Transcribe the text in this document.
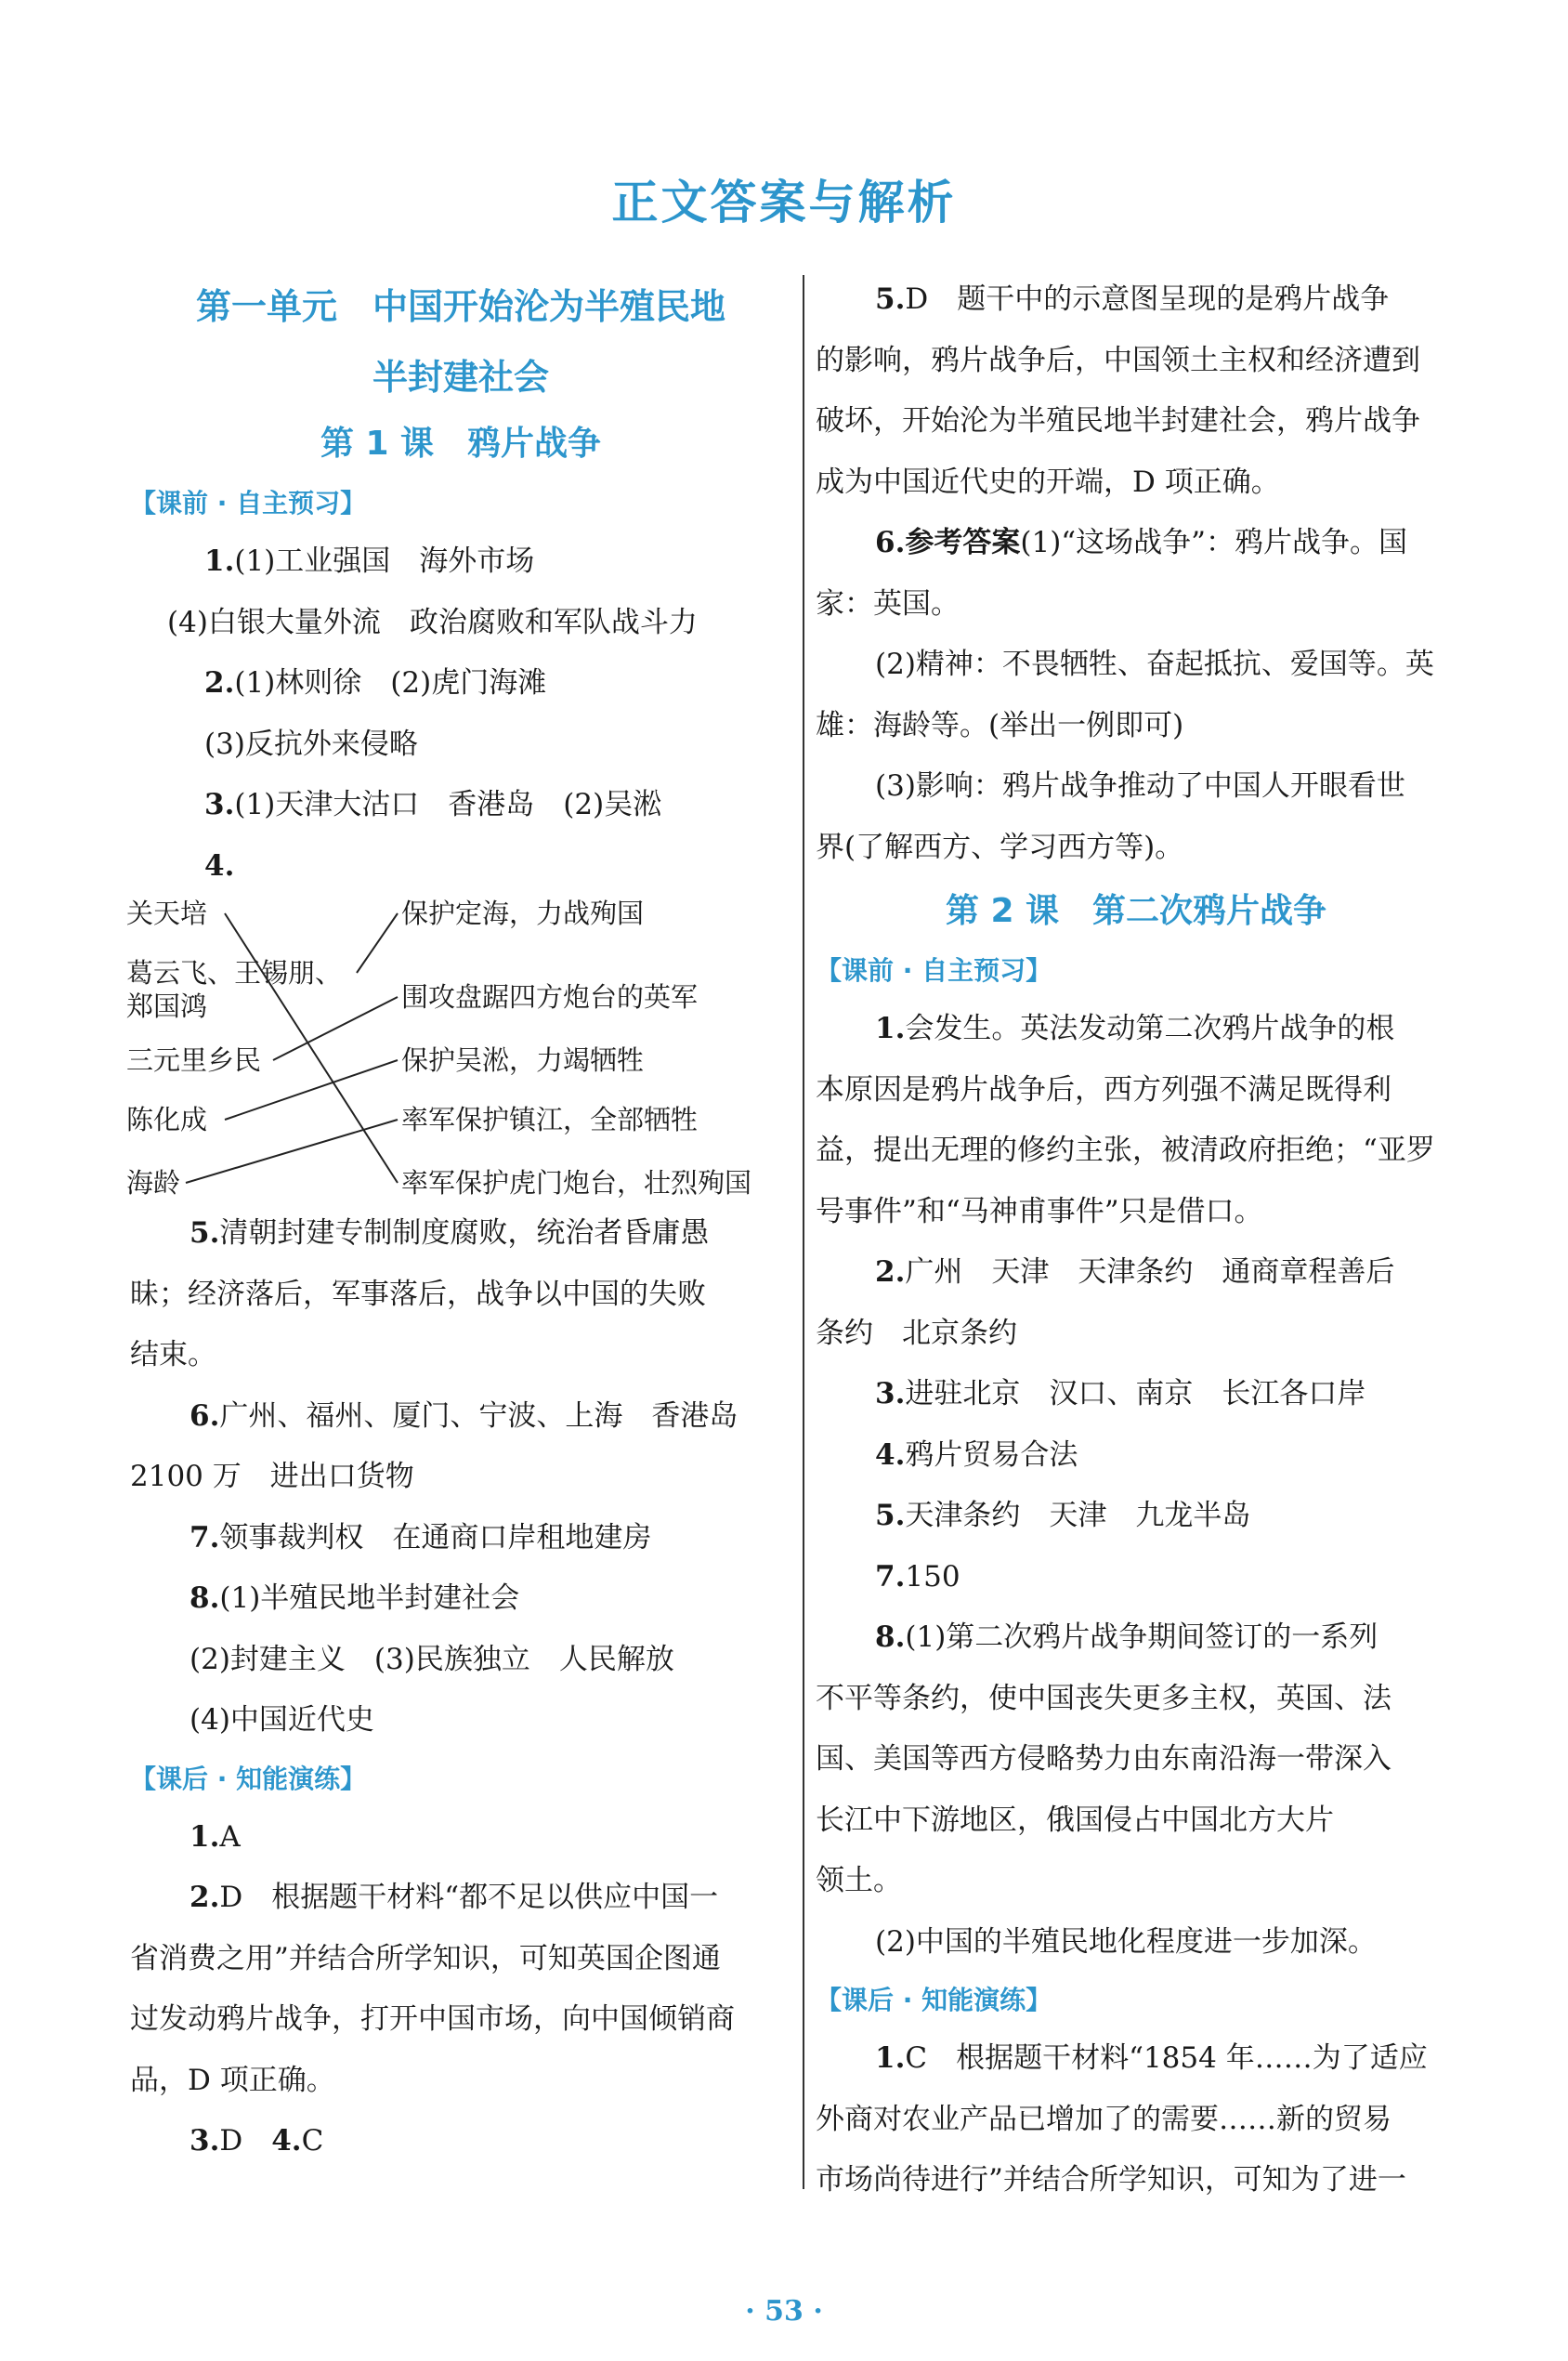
正文答案与解析
第一单元　中国开始沦为半殖民地
半封建社会
第 1 课　鸦片战争
【课前 · 自主预习】

1.(1)工业强国　海外市场

(4)白银大量外流　政治腐败和军队战斗力

2.(1)林则徐　(2)虎门海滩

(3)反抗外来侵略

3.(1)天津大沽口　香港岛　(2)吴淞

4.

关天培
葛云飞、王锡朋、
郑国鸿
三元里乡民
陈化成
海龄
保护定海，力战殉国
围攻盘踞四方炮台的英军
保护吴淞，力竭牺牲
率军保护镇江，全部牺牲
率军保护虎门炮台，壮烈殉国

5.清朝封建专制制度腐败，统治者昏庸愚

昧；经济落后，军事落后，战争以中国的失败

结束。

6.广州、福州、厦门、宁波、上海　香港岛

2100 万　进出口货物

7.领事裁判权　在通商口岸租地建房

8.(1)半殖民地半封建社会

(2)封建主义　(3)民族独立　人民解放

(4)中国近代史

【课后 · 知能演练】

1.A

2.D　根据题干材料“都不足以供应中国一

省消费之用”并结合所学知识，可知英国企图通

过发动鸦片战争，打开中国市场，向中国倾销商

品，D 项正确。

3.D　 4.C

5.D　题干中的示意图呈现的是鸦片战争

的影响，鸦片战争后，中国领土主权和经济遭到

破坏，开始沦为半殖民地半封建社会，鸦片战争

成为中国近代史的开端，D 项正确。

6.参考答案(1)“这场战争”：鸦片战争。国

家：英国。

(2)精神：不畏牺牲、奋起抵抗、爱国等。英

雄：海龄等。(举出一例即可)

(3)影响：鸦片战争推动了中国人开眼看世

界(了解西方、学习西方等)。

第 2 课　第二次鸦片战争
【课前 · 自主预习】

1.会发生。英法发动第二次鸦片战争的根

本原因是鸦片战争后，西方列强不满足既得利

益，提出无理的修约主张，被清政府拒绝；“亚罗

号事件”和“马神甫事件”只是借口。

2.广州　天津　天津条约　通商章程善后

条约　北京条约

3.进驻北京　汉口、南京　长江各口岸

4.鸦片贸易合法

5.天津条约　天津　九龙半岛

7.150

8.(1)第二次鸦片战争期间签订的一系列

不平等条约，使中国丧失更多主权，英国、法

国、美国等西方侵略势力由东南沿海一带深入

长江中下游地区，俄国侵占中国北方大片

领土。

(2)中国的半殖民地化程度进一步加深。

【课后 · 知能演练】

1.C　根据题干材料“1854 年……为了适应

外商对农业产品已增加了的需要……新的贸易

市场尚待进行”并结合所学知识，可知为了进一

· 53 ·
